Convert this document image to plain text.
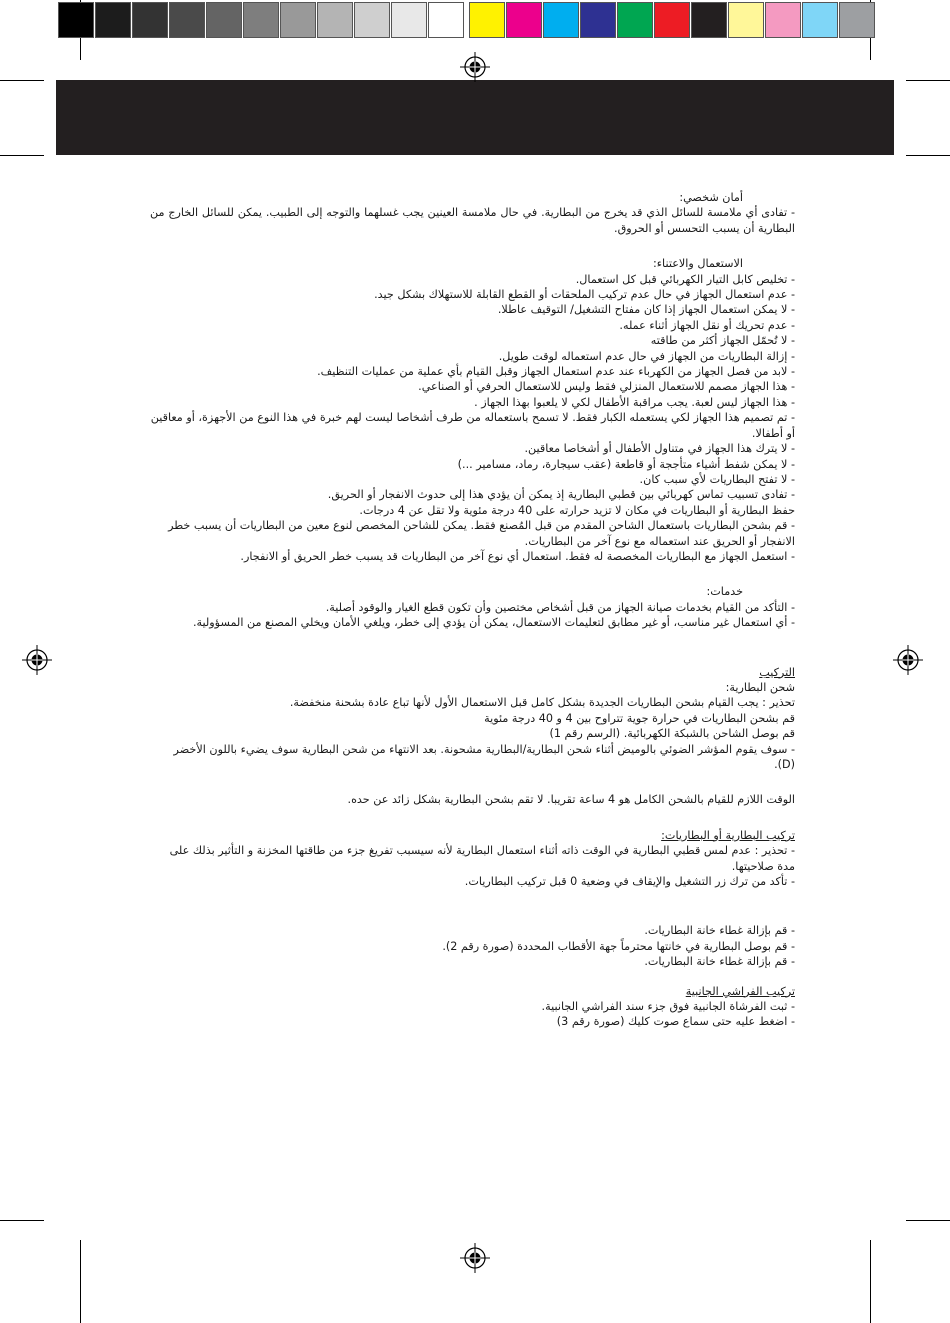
أمان شخصي:

- تفادى أي ملامسة للسائل الذي قد يخرج من البطارية. في حال ملامسة العينين يجب غسلهما والتوجه إلى الطبيب. يمكن للسائل الخارج من البطارية أن يسبب التحسس أو الحروق.

الاستعمال والاعتناء:

- تخليص كابل التيار الكهربائي قبل كل استعمال.

- عدم استعمال الجهاز في حال عدم تركيب الملحقات أو القطع القابلة للاستهلاك بشكل جيد.

- لا يمكن استعمال الجهاز إذا كان مفتاح التشغيل/ التوقيف عاطلا.

- عدم تحريك أو نقل الجهاز أثناء عمله.

- لا تُحمّل الجهاز أكثر من طاقته

- إزالة البطاريات من الجهاز في حال عدم استعماله لوقت طويل.

- لابد من فصل الجهاز من الكهرباء عند عدم استعمال الجهاز وقبل القيام بأي عملية من عمليات التنظيف.

- هذا الجهاز مصمم للاستعمال المنزلي فقط وليس للاستعمال الحرفي أو الصناعي.

- هذا الجهاز ليس لعبة. يجب مراقبة الأطفال لكي لا يلعبوا بهذا الجهاز .

- تم تصميم هذا الجهاز لكي يستعمله الكبار فقط. لا تسمح باستعماله من طرف أشخاصا ليست لهم خبرة في هذا النوع من الأجهزة، أو معاقين أو أطفالا.

- لا يترك هذا الجهاز في متناول الأطفال أو أشخاصا معاقين.

- لا يمكن شفط أشياء متأججة أو قاطعة (عقب سيجارة، رماد، مسامير ...)

- لا تفتح البطاريات لأي سبب كان.

- تفادى تسبيب تماس كهربائي بين قطبي البطارية إذ يمكن أن يؤدي هذا إلى حدوث الانفجار أو الحريق.

حفظ البطارية أو البطاريات في مكان لا تزيد حرارته على 40 درجة مئوية ولا تقل عن 4 درجات.

- قم بشحن البطاريات باستعمال الشاحن المقدم من قبل المُصنع فقط. يمكن للشاحن المخصص لنوع معين من البطاريات أن يسبب خطر الانفجار أو الحريق عند استعماله مع نوع آخر من البطاريات.

- استعمل الجهاز مع البطاريات المخصصة له فقط. استعمال أي نوع آخر من البطاريات قد يسبب خطر الحريق أو الانفجار.

خدمات:

- التأكد من القيام بخدمات صيانة الجهاز من قبل أشخاص مختصين وأن تكون قطع الغيار والوقود أصلية.

- أي استعمال غير مناسب، أو غير مطابق لتعليمات الاستعمال، يمكن أن يؤدي إلى خطر، ويلغي الأمان ويخلي المصنع من المسؤولية.

التركيب

شحن البطارية:

تحذير : يجب القيام بشحن البطاريات الجديدة بشكل كامل قبل الاستعمال الأول لأنها تباع عادة بشحنة منخفضة.

قم بشحن البطاريات في حرارة جوية تتراوح بين 4 و 40 درجة مئوية

قم بوصل الشاحن بالشبكة الكهربائية. (الرسم رقم 1)

- سوف يقوم المؤشر الضوئي بالوميض أثناء شحن البطارية/البطارية مشحونة. بعد الانتهاء من شحن البطارية سوف يضيء باللون الأخضر (D).

الوقت اللازم للقيام بالشحن الكامل هو 4 ساعة تقريبا. لا تقم بشحن البطارية بشكل زائد عن حده.

تركيب البطارية أو البطاريات:

- تحذير : عدم لمس قطبي البطارية في الوقت ذاته أثناء استعمال البطارية لأنه سيسبب تفريغ جزء من طاقتها المخزنة و التأثير بذلك على مدة صلاحيتها.

- تأكد من ترك زر التشغيل والإيقاف في وضعية 0 قبل تركيب البطاريات.

- قم بإزالة غطاء خانة البطاريات.

- قم بوصل البطارية في خانتها محترماً جهة الأقطاب المحددة (صورة رقم 2).

- قم بإزالة غطاء خانة البطاريات.

تركيب الفراشي الجانبية

- ثبت الفرشاة الجانبية فوق جزء سند الفراشي الجانبية.

- اضغط عليه حتى سماع صوت كليك (صورة رقم 3)
